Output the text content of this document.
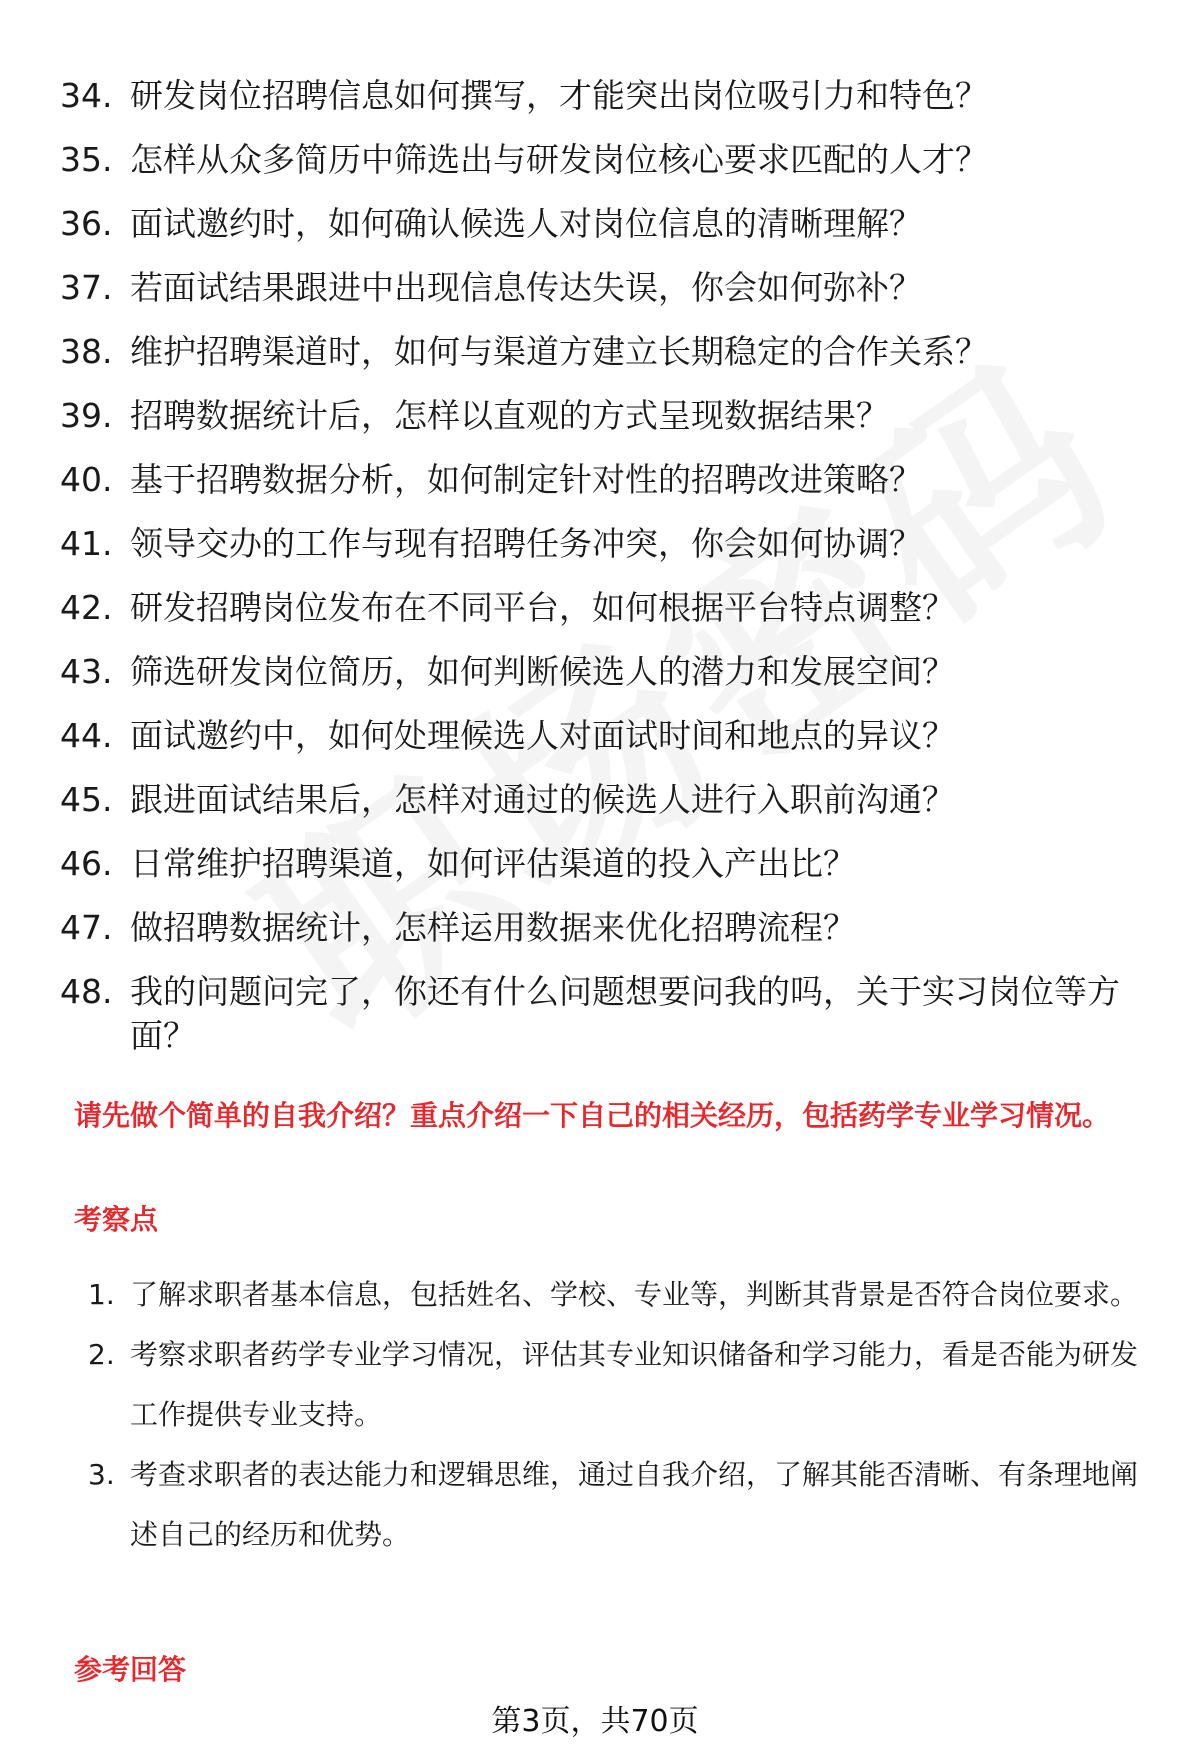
34. 研发岗位招聘信息如何撰写，才能突出岗位吸引力和特色？
35. 怎样从众多简历中筛选出与研发岗位核心要求匹配的人才？
36. 面试邀约时，如何确认候选人对岗位信息的清晰理解？
37. 若面试结果跟进中出现信息传达失误，你会如何弥补？
38. 维护招聘渠道时，如何与渠道方建立长期稳定的合作关系？
39. 招聘数据统计后，怎样以直观的方式呈现数据结果？
40. 基于招聘数据分析，如何制定针对性的招聘改进策略？
41. 领导交办的工作与现有招聘任务冲突，你会如何协调？
42. 研发招聘岗位发布在不同平台，如何根据平台特点调整？
43. 筛选研发岗位简历，如何判断候选人的潜力和发展空间？
44. 面试邀约中，如何处理候选人对面试时间和地点的异议？
45. 跟进面试结果后，怎样对通过的候选人进行入职前沟通？
46. 日常维护招聘渠道，如何评估渠道的投入产出比？
47. 做招聘数据统计，怎样运用数据来优化招聘流程？
48. 我的问题问完了，你还有什么问题想要问我的吗，关于实习岗位等方面？
请先做个简单的自我介绍？重点介绍一下自己的相关经历，包括药学专业学习情况。
考察点
1. 了解求职者基本信息，包括姓名、学校、专业等，判断其背景是否符合岗位要求。
2. 考察求职者药学专业学习情况，评估其专业知识储备和学习能力，看是否能为研发工作提供专业支持。
3. 考查求职者的表达能力和逻辑思维，通过自我介绍，了解其能否清晰、有条理地阐述自己的经历和优势。
参考回答
第3页，共70页
